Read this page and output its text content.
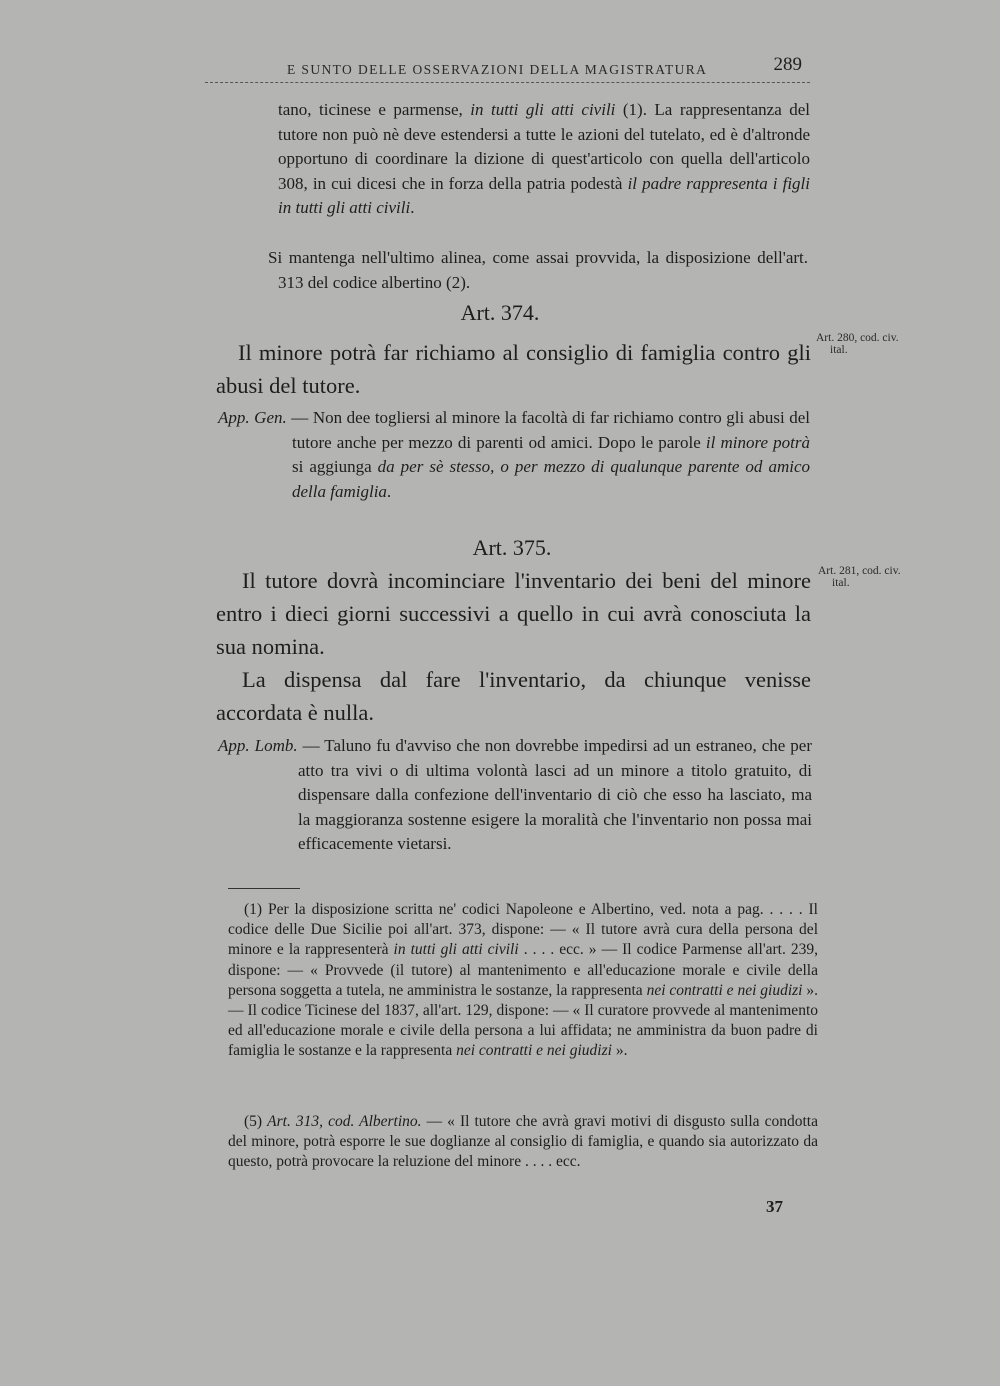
E SUNTO DELLE OSSERVAZIONI DELLA MAGISTRATURA	289

tano, ticinese e parmense, in tutti gli atti civili (1). La rappresentanza del tutore non può nè deve estendersi a tutte le azioni del tutelato, ed è d'altronde opportuno di coordinare la dizione di quest'articolo con quella dell'articolo 308, in cui dicesi che in forza della patria podestà il padre rappresenta i figli in tutti gli atti civili.

Si mantenga nell'ultimo alinea, come assai provvida, la disposizione dell'art. 313 del codice albertino (2).

Art. 374.

Il minore potrà far richiamo al consiglio di famiglia contro gli abusi del tutore.

Art. 280, cod. civ.
ital.

App. Gen. — Non dee togliersi al minore la facoltà di far richiamo contro gli abusi del tutore anche per mezzo di parenti od amici. Dopo le parole il minore potrà si aggiunga da per sè stesso, o per mezzo di qualunque parente od amico della famiglia.

Art. 375.

Il tutore dovrà incominciare l'inventario dei beni del minore entro i dieci giorni successivi a quello in cui avrà conosciuta la sua nomina.

La dispensa dal fare l'inventario, da chiunque venisse accordata è nulla.

Art. 281, cod. civ.
ital.

App. Lomb. — Taluno fu d'avviso che non dovrebbe impedirsi ad un estraneo, che per atto tra vivi o di ultima volontà lasci ad un minore a titolo gratuito, di dispensare dalla confezione dell'inventario di ciò che esso ha lasciato, ma la maggioranza sostenne esigere la moralità che l'inventario non possa mai efficacemente vietarsi.

(1) Per la disposizione scritta ne' codici Napoleone e Albertino, ved. nota a pag. . . . . Il codice delle Due Sicilie poi all'art. 373, dispone: — « Il tutore avrà cura della persona del minore e la rappresenterà in tutti gli atti civili . . . . ecc. » — Il codice Parmense all'art. 239, dispone: — « Provvede (il tutore) al mantenimento e all'educazione morale e civile della persona soggetta a tutela, ne amministra le sostanze, la rappresenta nei contratti e nei giudizi ». — Il codice Ticinese del 1837, all'art. 129, dispone: — « Il curatore provvede al mantenimento ed all'educazione morale e civile della persona a lui affidata; ne amministra da buon padre di famiglia le sostanze e la rappresenta nei contratti e nei giudizi ».

(5) Art. 313, cod. Albertino. — « Il tutore che avrà gravi motivi di disgusto sulla condotta del minore, potrà esporre le sue doglianze al consiglio di famiglia, e quando sia autorizzato da questo, potrà provocare la reluzione del minore . . . . ecc.

37
